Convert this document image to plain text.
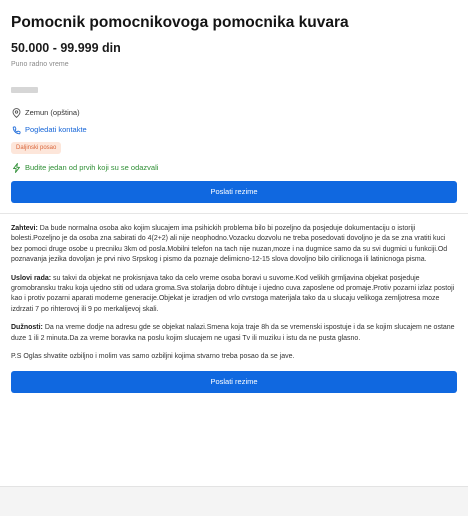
Pomocnik pomocnikovoga pomocnika kuvara
50.000 - 99.999 din
Puno radno vreme
Zemun (opština)
Pogledati kontakte
Daljinski posao
Budite jedan od prvih koji su se odazvali
Poslati rezime

Zahtevi: Da bude normalna osoba ako kojim slucajem ima psihickih problema bilo bi pozeljno da posjeduje dokumentaciju o istoriji bolesti.Pozeljno je da osoba zna sabirati do 4(2+2) ali nije neophodno.Vozacku dozvolu ne treba posedovati dovoljno je da se zna vratiti kuci bez pomoci druge osobe u precniku 3km od posla.Mobilni telefon na tach nije nuzan,moze i na dugmice samo da su svi dugmici u funkciji.Od poznavanja jezika dovoljan je prvi nivo Srpskog i pismo da poznaje delimicno-12-15 slova dovoljno bilo cirilicnoga ili latinicnoga pisma.

Uslovi rada: su takvi da objekat ne prokisnjava tako da celo vreme osoba boravi u suvome.Kod velikih grmljavina objekat posjeduje gromobransku traku koja ujedno stiti od udara groma.Sva stolarija dobro dihtuje i ujedno cuva zaposlene od promaje.Protiv pozarni izlaz postoji kao i protiv pozarni aparati moderne generacije.Objekat je izradjen od vrlo cvrstoga materijala tako da u slucaju velikoga zemljotresa moze izdrzati 7 po rihterovoj ili 9 po merkalijevoj skali.

Dužnosti: Da na vreme dodje na adresu gde se objekat nalazi.Smena koja traje 8h da se vremenski ispostuje i da se kojim slucajem ne ostane duze 1 ili 2 minuta.Da za vreme boravka na poslu kojim slucajem ne ugasi Tv ili muziku i istu da ne pusta glasno.

P.S Oglas shvatite ozbiljno i molim vas samo ozbiljni kojima stvarno treba posao da se jave.

Poslati rezime
